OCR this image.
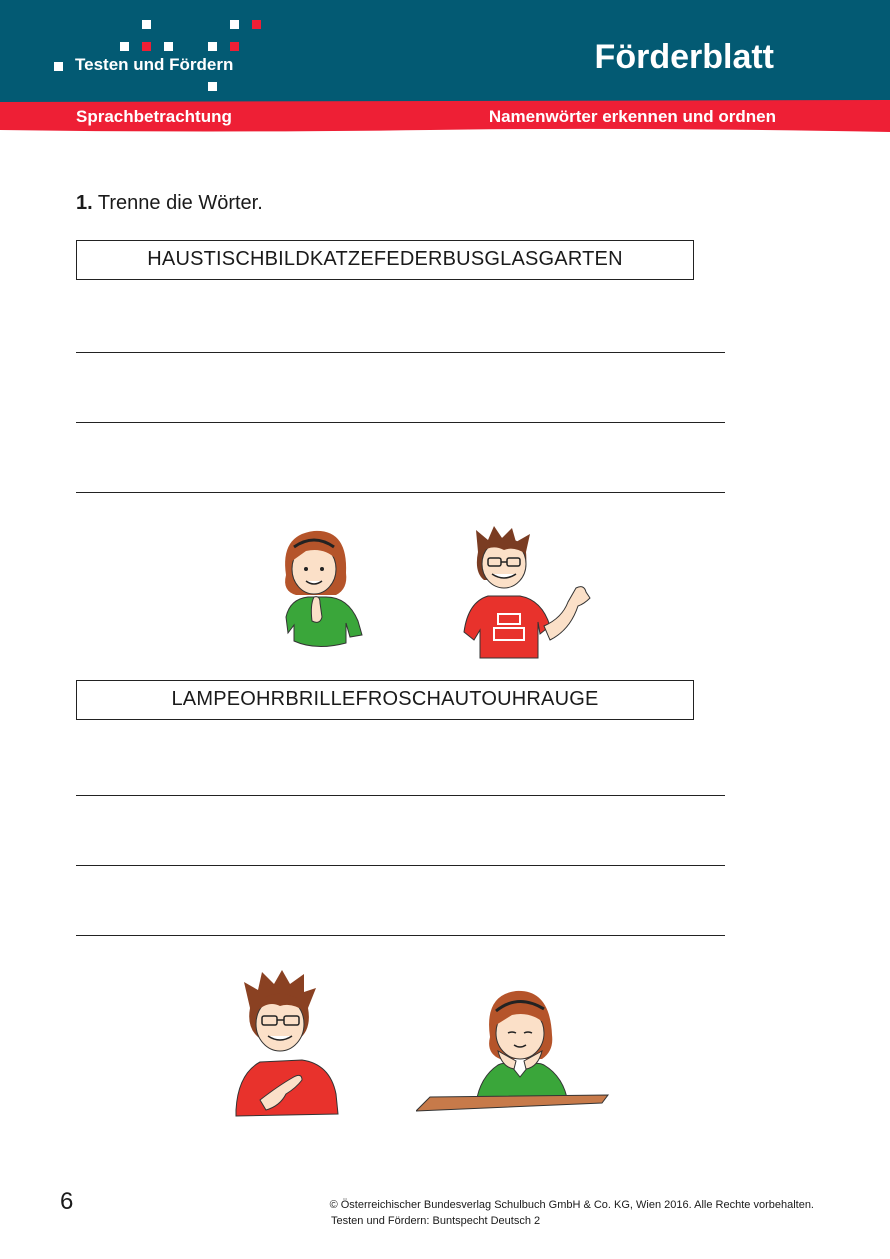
Testen und Fördern	Förderblatt
Sprachbetrachtung	Namenwörter erkennen und ordnen
1. Trenne die Wörter.
HAUSTISCHBILDKATZEFEDERBUSGLASGARTEN
LAMPEOHRBRILLEFROSCHAUTOUHRAUGE
6	© Österreichischer Bundesverlag Schulbuch GmbH & Co. KG, Wien 2016. Alle Rechte vorbehalten.
Testen und Fördern: Buntspecht Deutsch 2
